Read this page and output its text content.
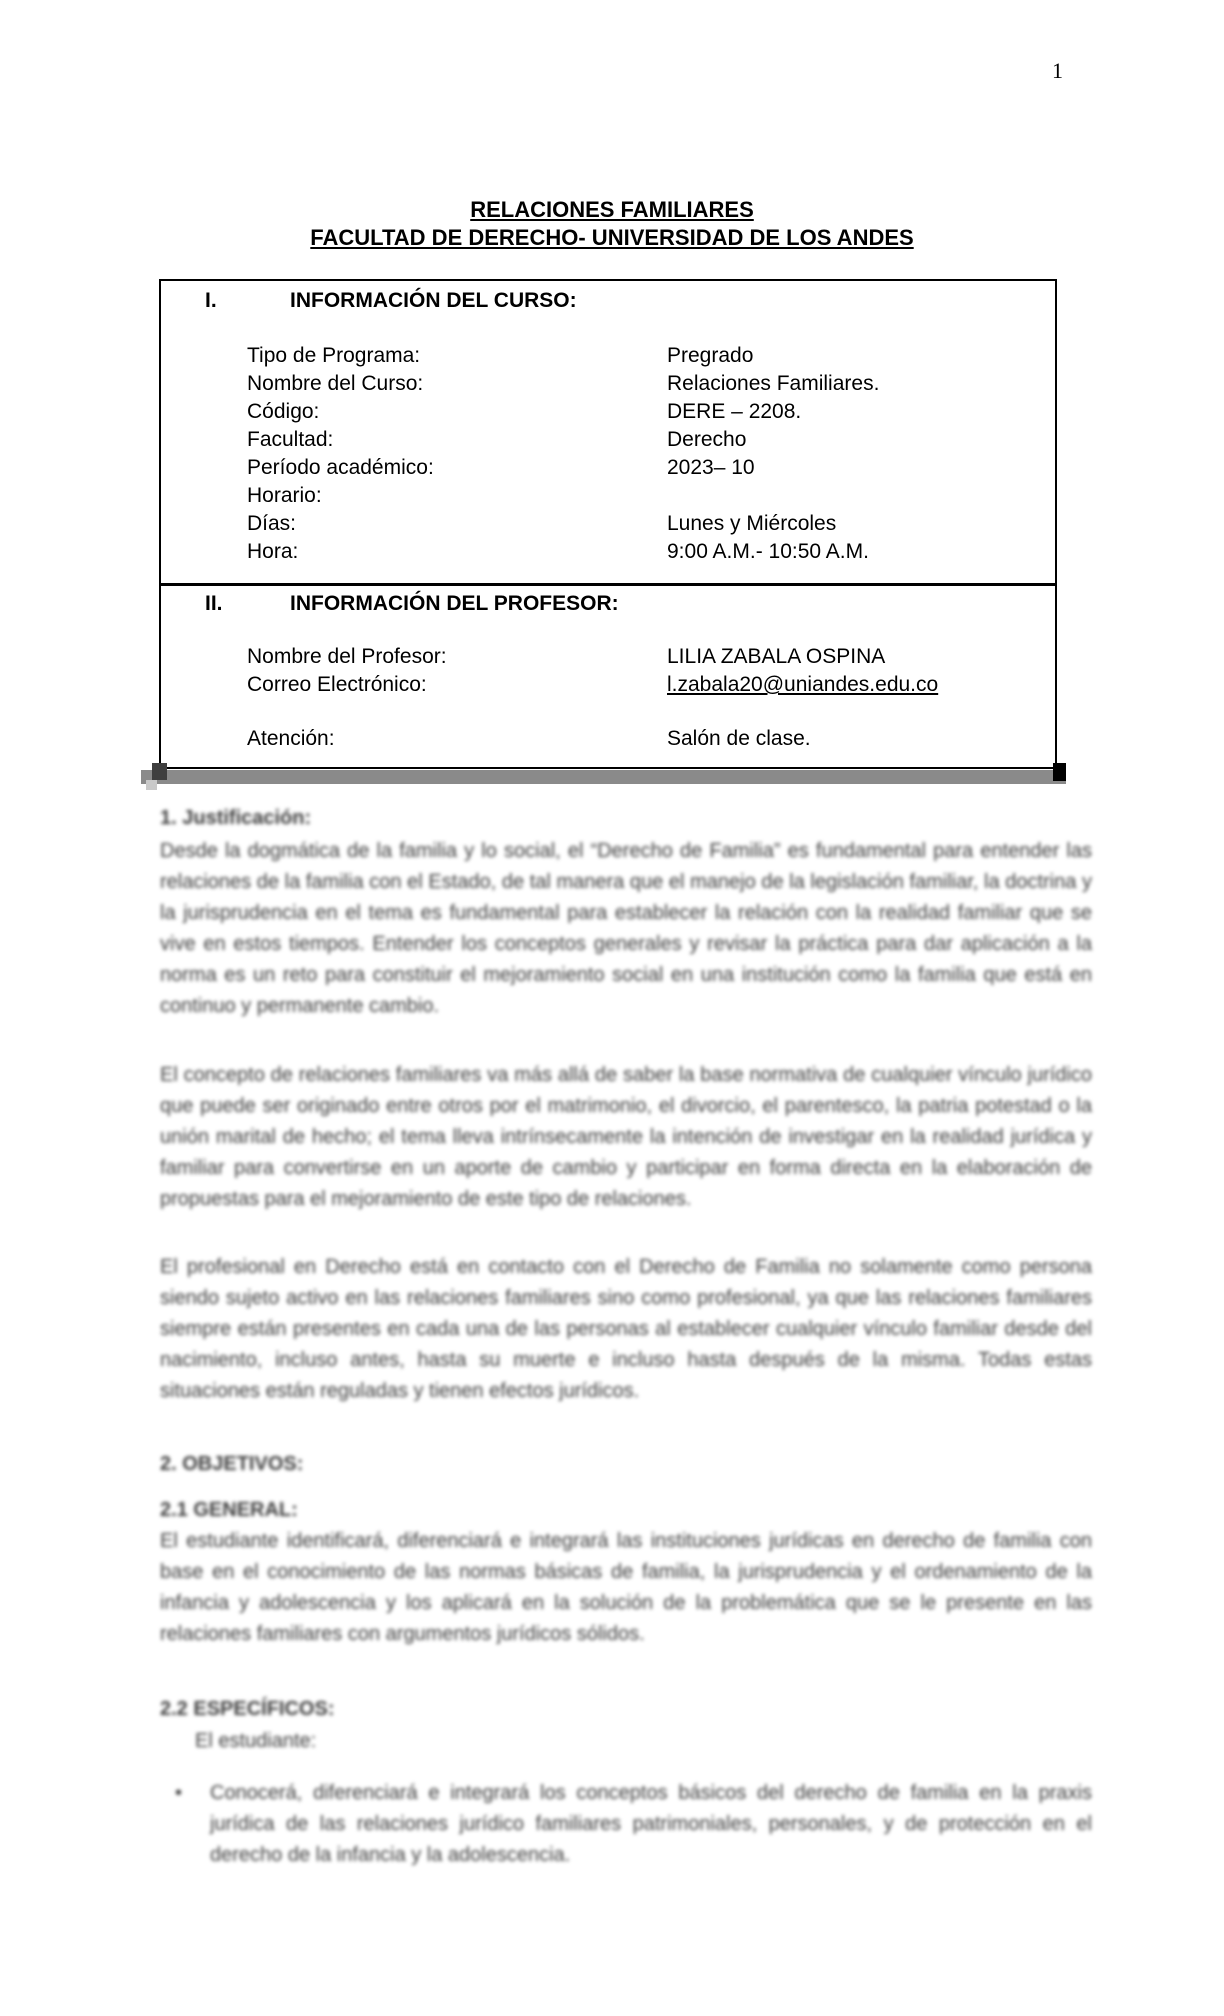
1
RELACIONES FAMILIARES
FACULTAD DE DERECHO- UNIVERSIDAD DE LOS ANDES
I.	INFORMACIÓN DEL CURSO:
Tipo de Programa:	Pregrado
Nombre del Curso:	Relaciones Familiares.
Código:	DERE – 2208.
Facultad:	Derecho
Período académico:	2023– 10
Horario:
Días:	Lunes y Miércoles
Hora:	9:00 A.M.- 10:50 A.M.
II.	INFORMACIÓN DEL PROFESOR:
Nombre del Profesor:	LILIA ZABALA OSPINA
Correo Electrónico:	l.zabala20@uniandes.edu.co
Atención:	Salón de clase.
1. Justificación:
Desde la dogmática de la familia y lo social, el “Derecho de Familia” es fundamental para entender las relaciones de la familia con el Estado, de tal manera que el manejo de la legislación familiar, la doctrina y la jurisprudencia en el tema es fundamental para establecer la relación con la realidad familiar que se vive en estos tiempos. Entender los conceptos generales y revisar la práctica para dar aplicación a la norma es un reto para constituir el mejoramiento social en una institución como la familia que está en continuo y permanente cambio.
El concepto de relaciones familiares va más allá de saber la base normativa de cualquier vínculo jurídico que puede ser originado entre otros por el matrimonio, el divorcio, el parentesco, la patria potestad o la unión marital de hecho; el tema lleva intrínsecamente la intención de investigar en la realidad jurídica y familiar para convertirse en un aporte de cambio y participar en forma directa en la elaboración de propuestas para el mejoramiento de este tipo de relaciones.
El profesional en Derecho está en contacto con el Derecho de Familia no solamente como persona siendo sujeto activo en las relaciones familiares sino como profesional, ya que las relaciones familiares siempre están presentes en cada una de las personas al establecer cualquier vínculo familiar desde del nacimiento, incluso antes, hasta su muerte e incluso hasta después de la misma. Todas estas situaciones están reguladas y tienen efectos jurídicos.
2. OBJETIVOS:
2.1 GENERAL:
El estudiante identificará, diferenciará e integrará las instituciones jurídicas en derecho de familia con base en el conocimiento de las normas básicas de familia, la jurisprudencia y el ordenamiento de la infancia y adolescencia y los aplicará en la solución de la problemática que se le presente en las relaciones familiares con argumentos jurídicos sólidos.
2.2 ESPECÍFICOS:
El estudiante:
•	Conocerá, diferenciará e integrará los conceptos básicos del derecho de familia en la praxis jurídica de las relaciones jurídico familiares patrimoniales, personales, y de protección en el derecho de la infancia y la adolescencia.
